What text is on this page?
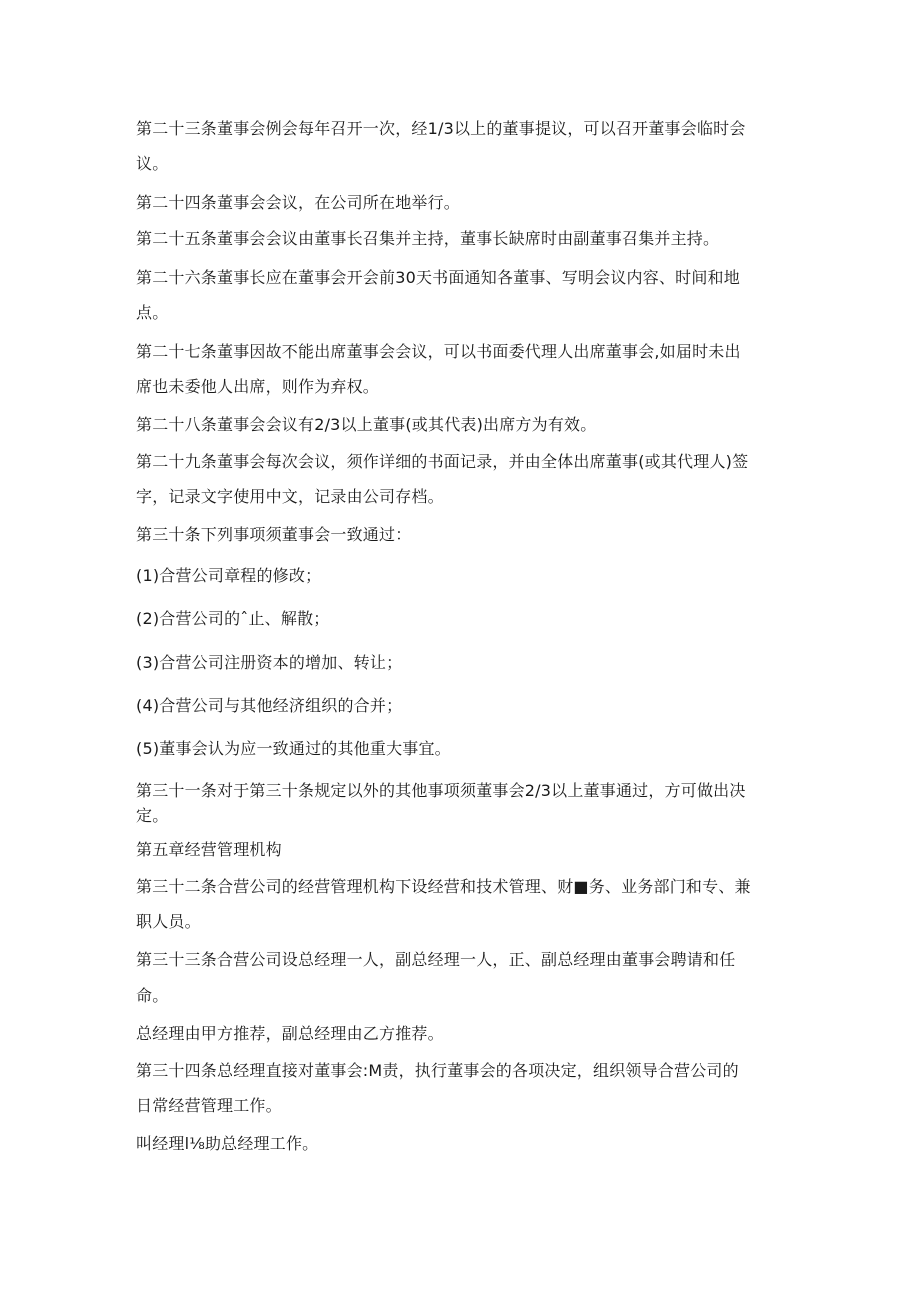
第二十三条董事会例会每年召开一次，经1/3以上的董事提议，可以召开董事会临时会
议。
第二十四条董事会会议，在公司所在地举行。
第二十五条董事会会议由董事长召集并主持，董事长缺席时由副董事召集并主持。
第二十六条董事长应在董事会开会前30天书面通知各董事、写明会议内容、时间和地
点。
第二十七条董事因故不能出席董事会会议，可以书面委代理人出席董事会,如届时未出
席也未委他人出席，则作为弃权。
第二十八条董事会会议有2/3以上董事(或其代表)出席方为有效。
第二十九条董事会每次会议，须作详细的书面记录，并由全体出席董事(或其代理人)签
字，记录文字使用中文，记录由公司存档。
第三十条下列事项须董事会一致通过：
(1)合营公司章程的修改；
(2)合营公司的ˆ止、解散；
(3)合营公司注册资本的增加、转让；
(4)合营公司与其他经济组织的合并；
(5)董事会认为应一致通过的其他重大事宜。
第三十一条对于第三十条规定以外的其他事项须董事会2/3以上董事通过，方可做出决
定。
第五章经营管理机构
第三十二条合营公司的经营管理机构下设经营和技术管理、财■务、业务部门和专、兼
职人员。
第三十三条合营公司设总经理一人，副总经理一人，正、副总经理由董事会聘请和任
命。
总经理由甲方推荐，副总经理由乙方推荐。
第三十四条总经理直接对董事会:M责，执行董事会的各项决定，组织领导合营公司的
日常经营管理工作。
叫经理l⅛助总经理工作。
